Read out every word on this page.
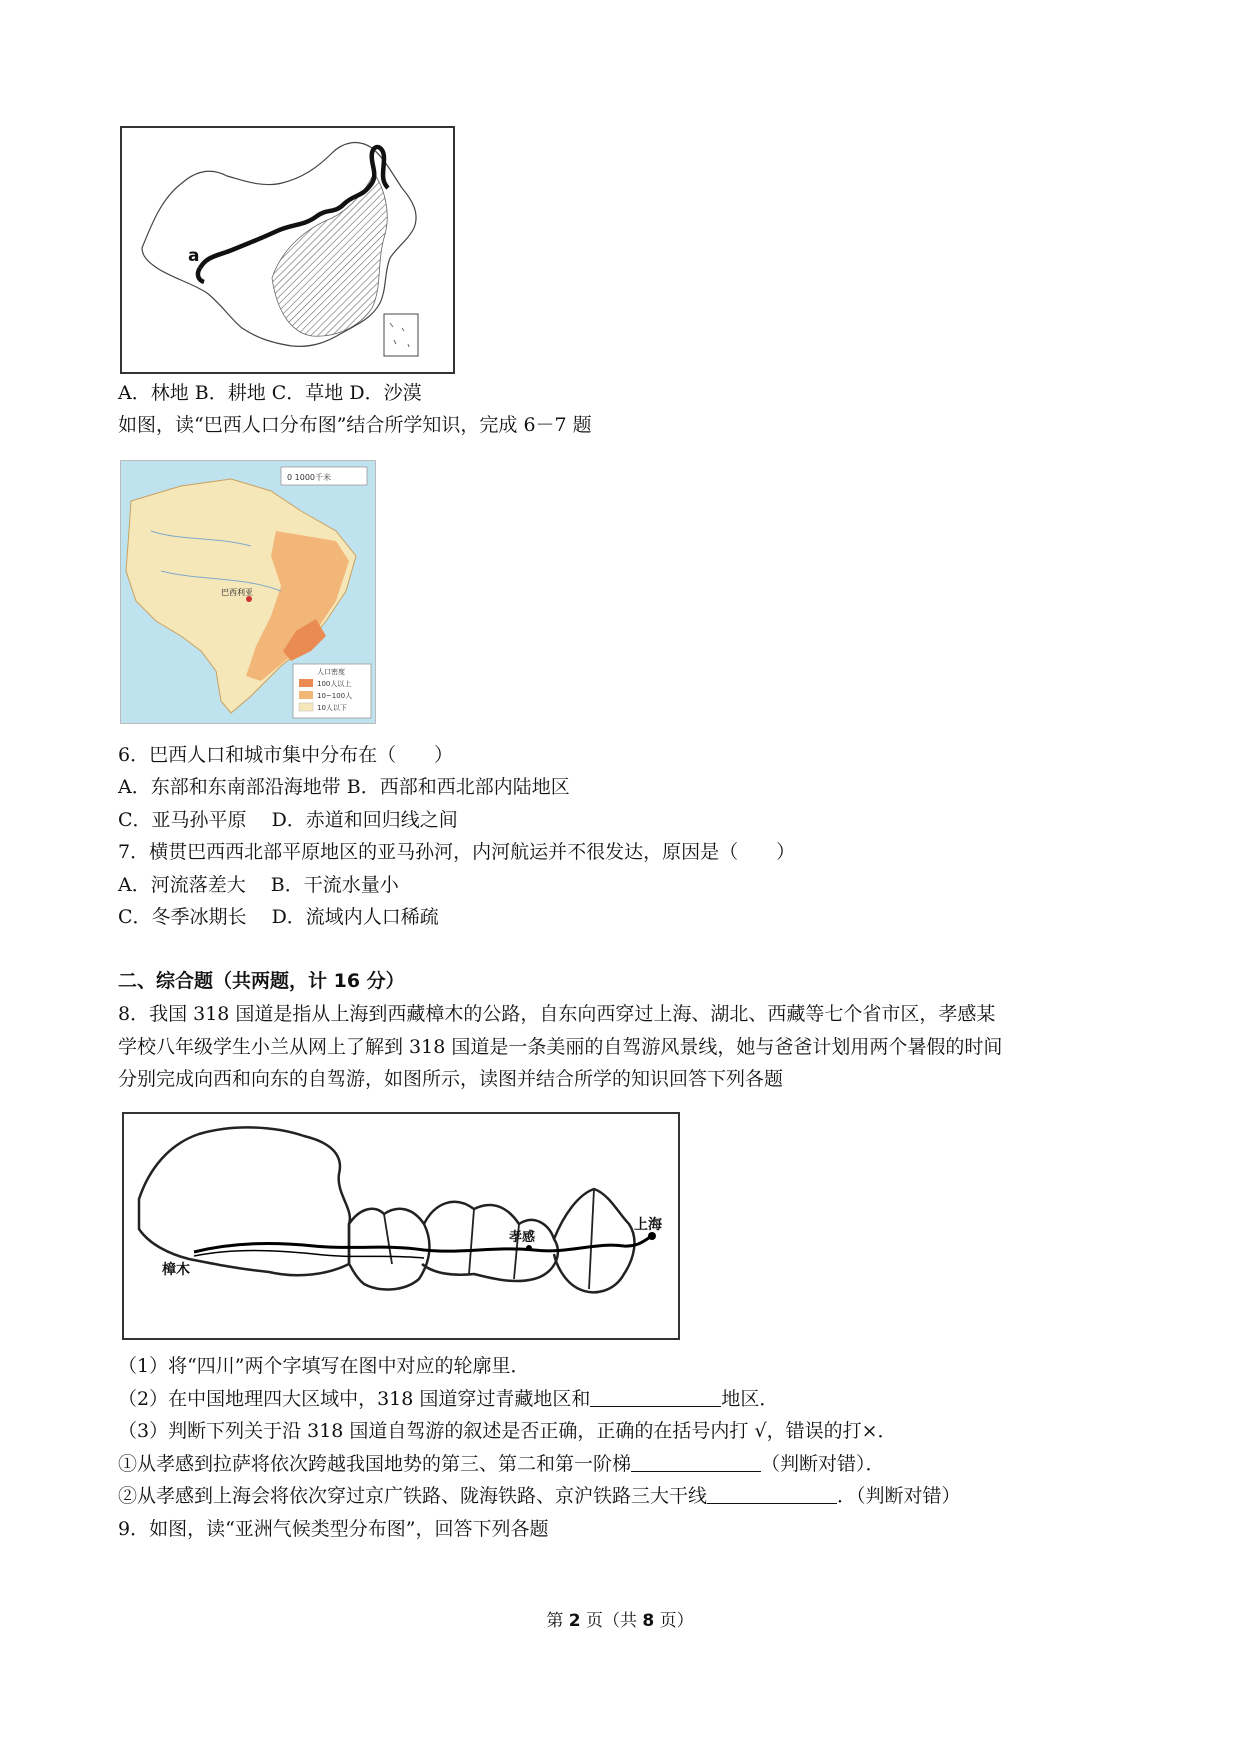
a
A．林地 B．耕地 C．草地 D．沙漠
如图，读“巴西人口分布图”结合所学知识，完成 6－7 题
巴西利亚
0 1000千米
人口密度
100人以上
10~100人
10人以下
6．巴西人口和城市集中分布在（　　）
A．东部和东南部沿海地带 B．西部和西北部内陆地区
C．亚马孙平原　 D．赤道和回归线之间
7．横贯巴西西北部平原地区的亚马孙河，内河航运并不很发达，原因是（　　）
A．河流落差大　 B．干流水量小
C．冬季冰期长　 D．流域内人口稀疏
二、综合题（共两题，计 16 分）
8．我国 318 国道是指从上海到西藏樟木的公路，自东向西穿过上海、湖北、西藏等七个省市区，孝感某
学校八年级学生小兰从网上了解到 318 国道是一条美丽的自驾游风景线，她与爸爸计划用两个暑假的时间
分别完成向西和向东的自驾游，如图所示，读图并结合所学的知识回答下列各题
樟木
孝感
上海
（1）将“四川”两个字填写在图中对应的轮廓里．
（2）在中国地理四大区域中，318 国道穿过青藏地区和	地区．
（3）判断下列关于沿 318 国道自驾游的叙述是否正确，正确的在括号内打 √，错误的打×．
①从孝感到拉萨将依次跨越我国地势的第三、第二和第一阶梯	（判断对错）．
②从孝感到上海会将依次穿过京广铁路、陇海铁路、京沪铁路三大干线	．（判断对错）
9．如图，读“亚洲气候类型分布图”，回答下列各题
第 2 页（共 8 页）
